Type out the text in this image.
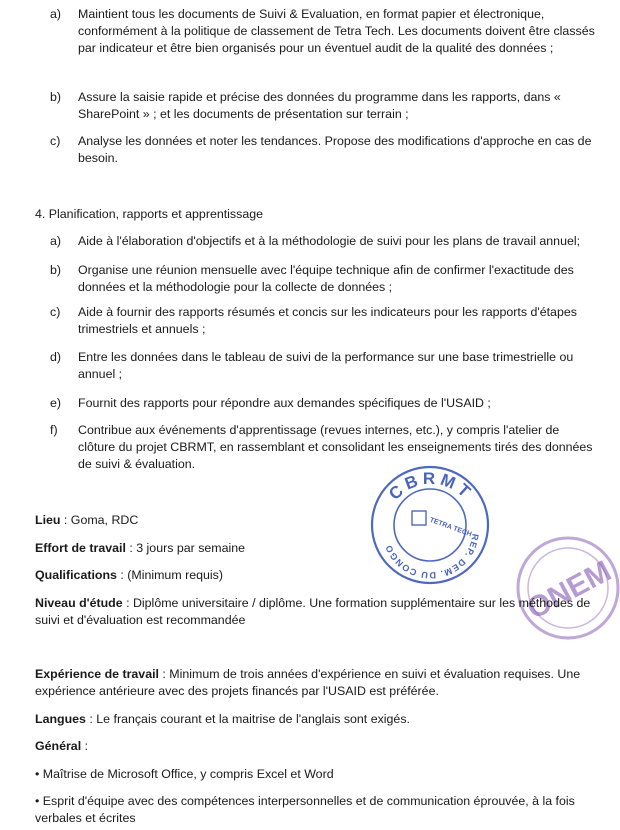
a)	Maintient tous les documents de Suivi & Evaluation, en format papier et électronique, conformément à la politique de classement de Tetra Tech. Les documents doivent être classés par indicateur et être bien organisés pour un éventuel audit de la qualité des données ;
b)	Assure la saisie rapide et précise des données du programme dans les rapports, dans « SharePoint » ; et les documents de présentation sur terrain ;
c)	Analyse les données et noter les tendances. Propose des modifications d'approche en cas de besoin.
4. Planification, rapports et apprentissage
a)	Aide à l'élaboration d'objectifs et à la méthodologie de suivi pour les plans de travail annuel;
b)	Organise une réunion mensuelle avec l'équipe technique afin de confirmer l'exactitude des données et la méthodologie pour la collecte de données ;
c)	Aide à fournir des rapports résumés et concis sur les indicateurs pour les rapports d'étapes trimestriels et annuels ;
d)	Entre les données dans le tableau de suivi de la performance sur une base trimestrielle ou annuel ;
e)	Fournit des rapports pour répondre aux demandes spécifiques de l'USAID ;
f)	Contribue aux événements d'apprentissage (revues internes, etc.), y compris l'atelier de clôture du projet CBRMT, en rassemblant et consolidant les enseignements tirés des données de suivi & évaluation.
CBRMT
REP. DEM. DU CONGO
TETRA TECH
ONEM
Lieu : Goma, RDC
Effort de travail : 3 jours par semaine
Qualifications : (Minimum requis)
Niveau d'étude : Diplôme universitaire / diplôme. Une formation supplémentaire sur les méthodes de suivi et d'évaluation est recommandée
Expérience de travail : Minimum de trois années d'expérience en suivi et évaluation requises. Une expérience antérieure avec des projets financés par l'USAID est préférée.
Langues : Le français courant et la maitrise de l'anglais sont exigés.
Général :
• Maîtrise de Microsoft Office, y compris Excel et Word
• Esprit d'équipe avec des compétences interpersonnelles et de communication éprouvée, à la fois verbales et écrites
